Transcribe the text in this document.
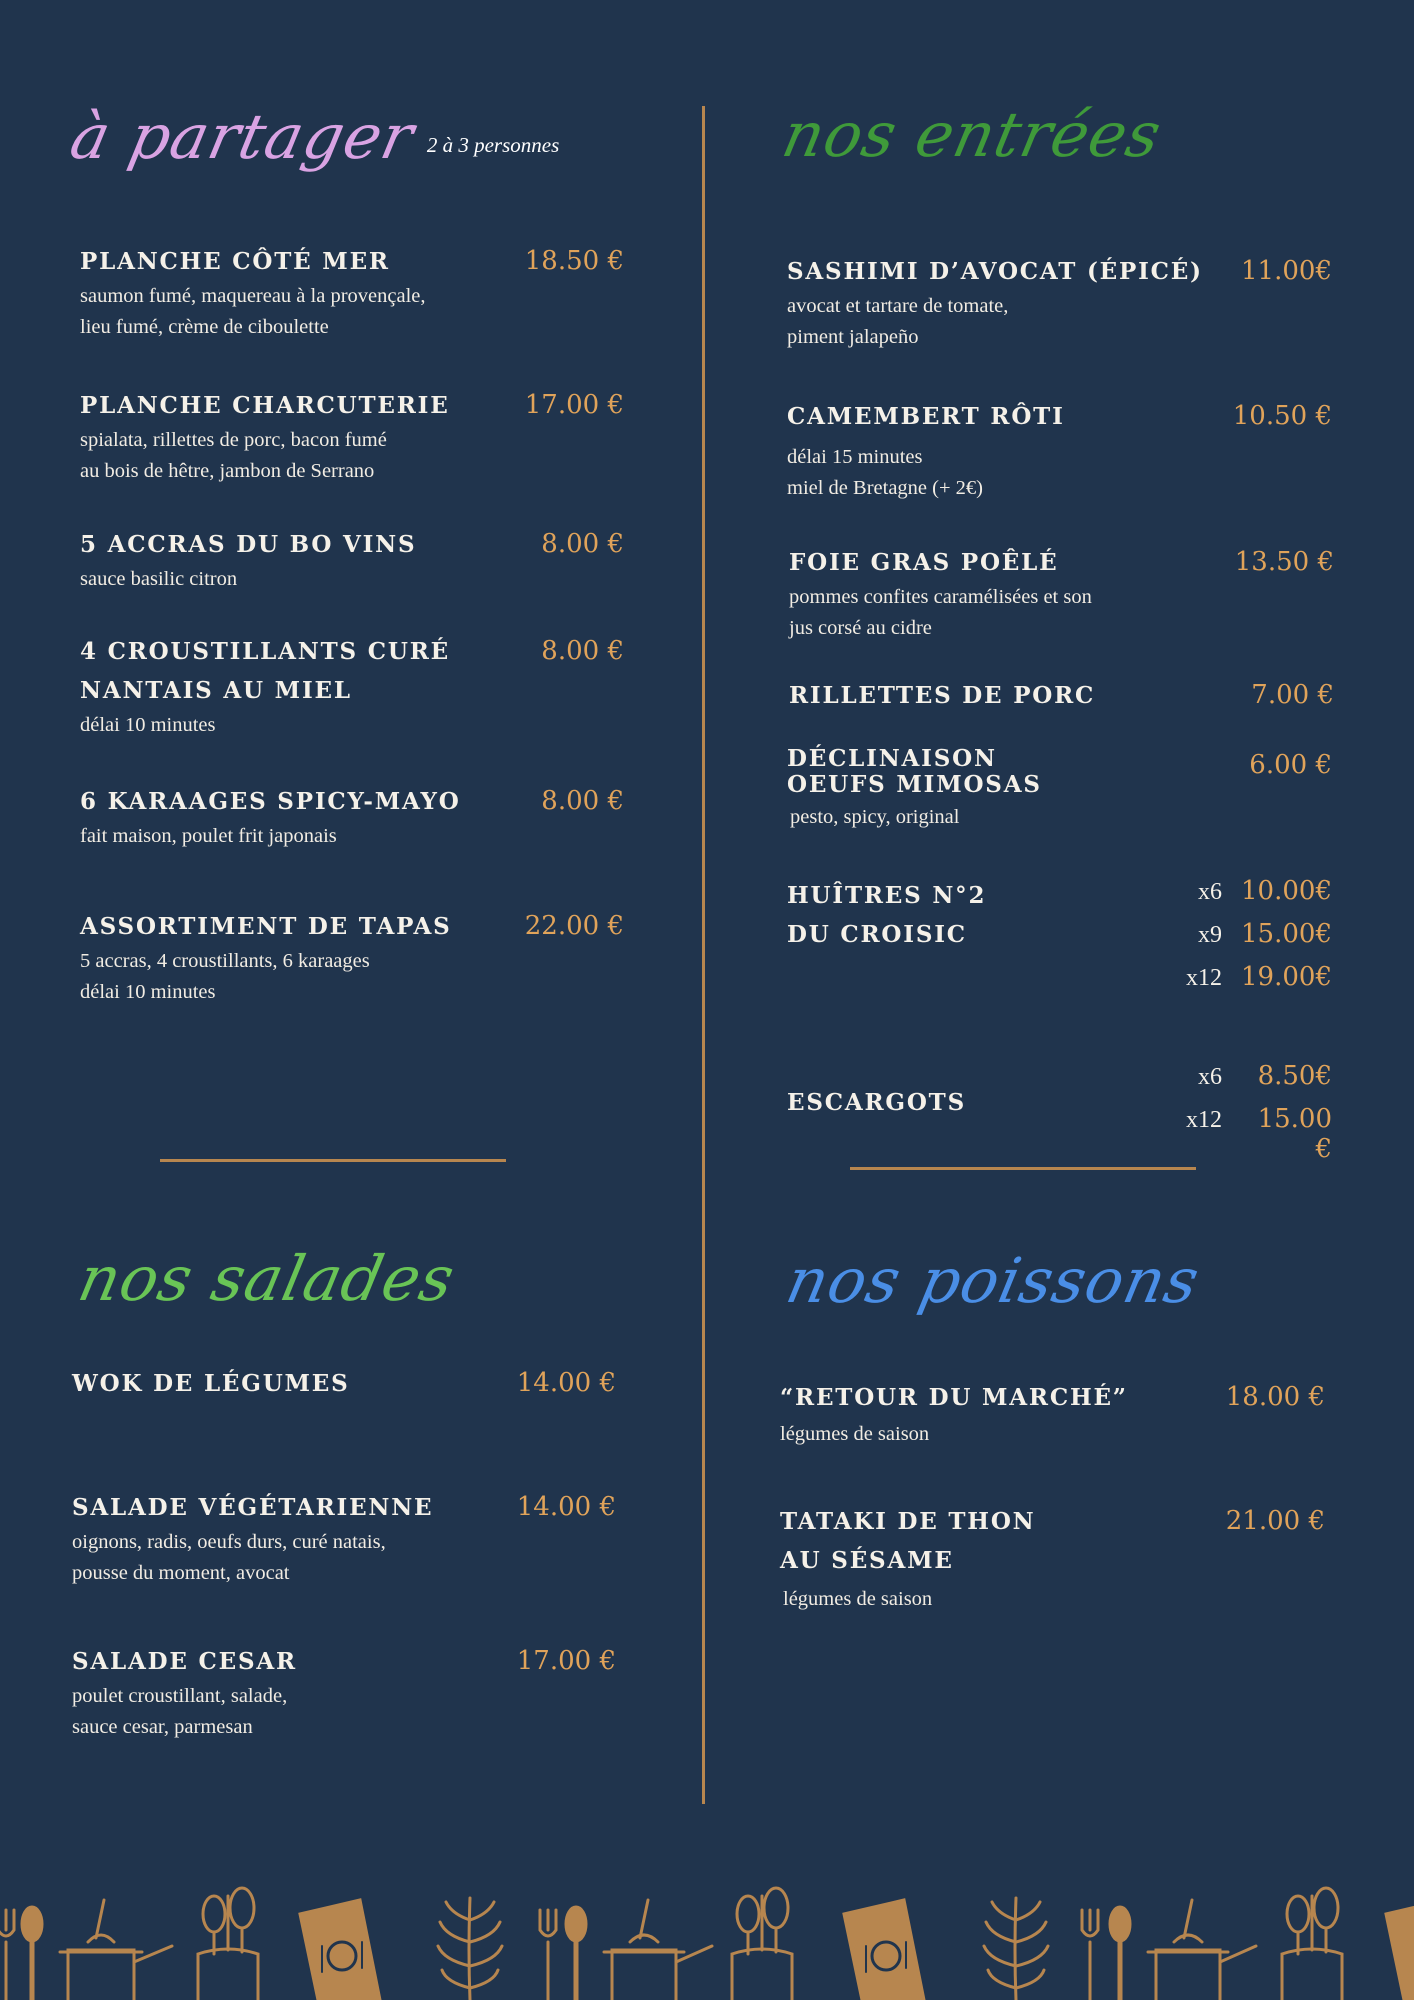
à partager 2 à 3 personnes
PLANCHE CÔTÉ MER	18.50 €
saumon fumé, maquereau à la provençale,
lieu fumé, crème de ciboulette
PLANCHE CHARCUTERIE	17.00 €
spialata, rillettes de porc, bacon fumé
au bois de hêtre, jambon de Serrano
5 ACCRAS DU BO VINS	8.00 €
sauce basilic citron
4 CROUSTILLANTS CURÉ
NANTAIS AU MIEL
8.00 €
délai 10 minutes
6 KARAAGES SPICY-MAYO	8.00 €
fait maison, poulet frit japonais
ASSORTIMENT DE TAPAS	22.00 €
5 accras, 4 croustillants, 6 karaages
délai 10 minutes
nos entrées
SASHIMI D’AVOCAT (ÉPICÉ)	11.00€
avocat et tartare de tomate,
piment jalapeño
CAMEMBERT RÔTI	10.50 €
délai 15 minutes
miel de Bretagne (+ 2€)
FOIE GRAS POÊLÉ	13.50 €
pommes confites caramélisées et son
jus corsé au cidre
RILLETTES DE PORC	7.00 €
DÉCLINAISON
OEUFS MIMOSAS
6.00 €
pesto, spicy, original
HUÎTRES N°2
DU CROISIC
x6 10.00€
x9 15.00€
x12 19.00€
ESCARGOTS
x6	8.50€
x12	15.00 €
nos salades
WOK DE LÉGUMES	14.00 €
SALADE VÉGÉTARIENNE	14.00 €
oignons, radis, oeufs durs, curé natais,
pousse du moment, avocat
SALADE CESAR	17.00 €
poulet croustillant, salade,
sauce cesar, parmesan
nos poissons
“RETOUR DU MARCHÉ”	18.00 €
légumes de saison
TATAKI DE THON
AU SÉSAME
21.00 €
légumes de saison
